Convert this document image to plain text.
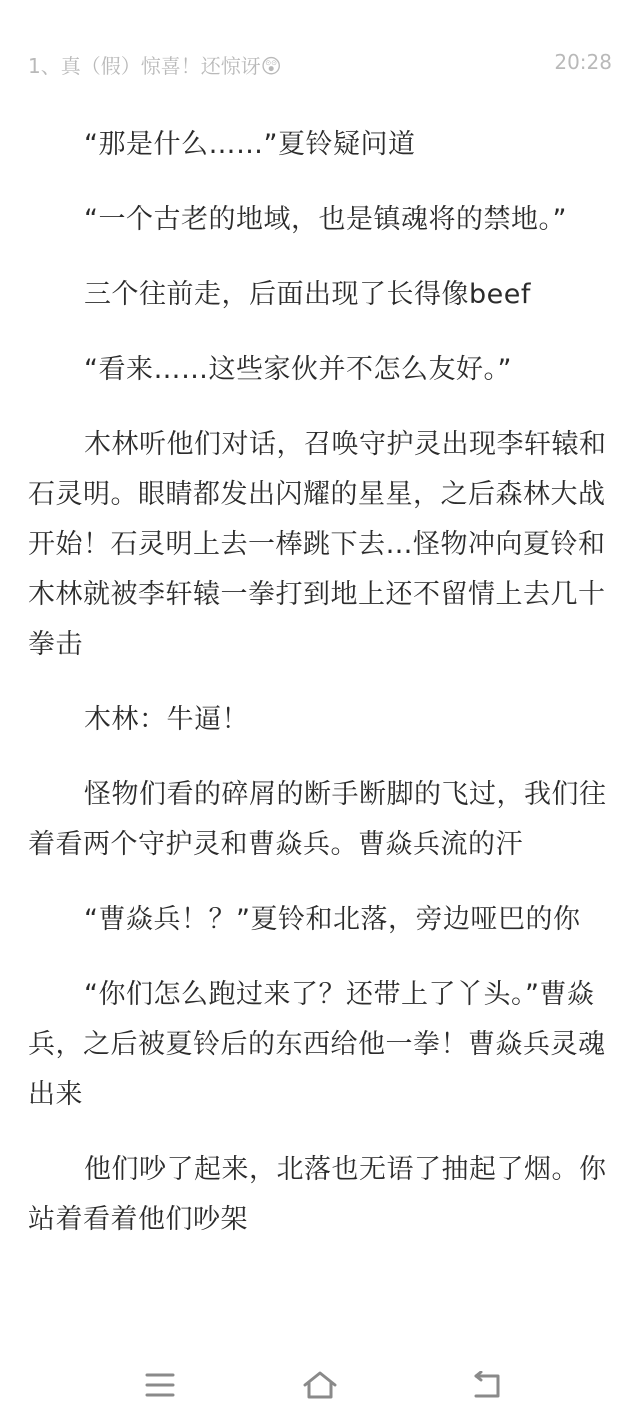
1、真（假）惊喜！还惊讶😲	20:28

“那是什么……”夏铃疑问道

“一个古老的地域，也是镇魂将的禁地。”

三个往前走，后面出现了长得像beef

“看来……这些家伙并不怎么友好。”

木林听他们对话，召唤守护灵出现李轩辕和石灵明。眼睛都发出闪耀的星星，之后森林大战开始！石灵明上去一棒跳下去…怪物冲向夏铃和木林就被李轩辕一拳打到地上还不留情上去几十拳击

木林：牛逼！

怪物们看的碎屑的断手断脚的飞过，我们往着看两个守护灵和曹焱兵。曹焱兵流的汗

“曹焱兵！？”夏铃和北落，旁边哑巴的你

“你们怎么跑过来了？还带上了丫头。”曹焱兵，之后被夏铃后的东西给他一拳！曹焱兵灵魂出来

他们吵了起来，北落也无语了抽起了烟。你站着看着他们吵架
